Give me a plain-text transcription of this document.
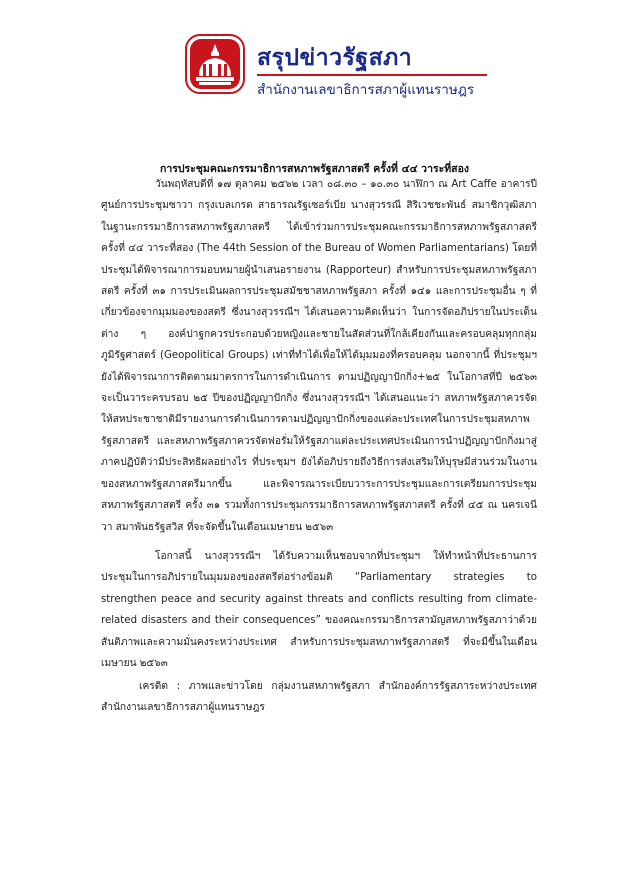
สรุปข่าวรัฐสภา
สำนักงานเลขาธิการสภาผู้แทนราษฎร
การประชุมคณะกรรมาธิการสหภาพรัฐสภาสตรี ครั้งที่ ๔๔ วาระที่สอง

วันพฤหัสบดีที่ ๑๗ ตุลาคม ๒๕๖๒ เวลา ๐๘.๓๐ – ๑๐.๓๐ นาฬิกา ณ Art Caffe อาคารปี ศูนย์การประชุมซาวา กรุงเบลเกรด สาธารณรัฐเซอร์เบีย นางสุวรรณี สิริเวชชะพันธ์ สมาชิกวุฒิสภา ในฐานะกรรมาธิการสหภาพรัฐสภาสตรี ได้เข้าร่วมการประชุมคณะกรรมาธิการสหภาพรัฐสภาสตรี ครั้งที่ ๔๔ วาระที่สอง (The 44th Session of the Bureau of Women Parliamentarians) โดยที่ประชุมได้พิจารณาการมอบหมายผู้นำเสนอรายงาน (Rapporteur) สำหรับการประชุมสหภาพรัฐสภาสตรี ครั้งที่ ๓๑ การประเมินผลการประชุมสมัชชาสหภาพรัฐสภา ครั้งที่ ๑๔๑ และการประชุมอื่น ๆ ที่เกี่ยวข้องจากมุมมองของสตรี ซึ่งนางสุวรรณีฯ ได้เสนอความคิดเห็นว่า ในการจัดอภิปรายในประเด็นต่าง ๆ องค์ปาฐกควรประกอบด้วยหญิงและชายในสัดส่วนที่ใกล้เคียงกันและครอบคลุมทุกกลุ่มภูมิรัฐศาสตร์ (Geopolitical Groups) เท่าที่ทำได้เพื่อให้ได้มุมมองที่ครอบคลุม นอกจากนี้ ที่ประชุมฯ ยังได้พิจารณาการติดตามมาตรการในการดำเนินการ ตามปฏิญญาปักกิ่ง+๒๕ ในโอกาสที่ปี ๒๕๖๓ จะเป็นวาระครบรอบ ๒๕ ปีของปฏิญญาปักกิ่ง ซึ่งนางสุวรรณีฯ ได้เสนอแนะว่า สหภาพรัฐสภาควรจัดให้สหประชาชาติมีรายงานการดำเนินการตามปฏิญญาปักกิ่งของแต่ละประเทศในการประชุมสหภาพรัฐสภาสตรี และสหภาพรัฐสภาควรจัดฟอรั่มให้รัฐสภาแต่ละประเทศประเมินการนำปฏิญญาปักกิ่งมาสู่ภาคปฏิบัติว่ามีประสิทธิผลอย่างไร ที่ประชุมฯ ยังได้อภิปรายถึงวิธีการส่งเสริมให้บุรุษมีส่วนร่วมในงานของสหภาพรัฐสภาสตรีมากขึ้น และพิจารณาระเบียบวาระการประชุมและการเตรียมการประชุมสหภาพรัฐสภาสตรี ครั้ง ๓๑ รวมทั้งการประชุมกรรมาธิการสหภาพรัฐสภาสตรี ครั้งที่ ๔๕ ณ นครเจนีวา สมาพันธรัฐสวิส ที่จะจัดขึ้นในเดือนเมษายน ๒๕๖๓

โอกาสนี้ นางสุวรรณีฯ ได้รับความเห็นชอบจากที่ประชุมฯ ให้ทำหน้าที่ประธานการประชุมในการอภิปรายในมุมมองของสตรีต่อร่างข้อมติ “Parliamentary strategies to strengthen peace and security against threats and conflicts resulting from climate-related disasters and their consequences” ของคณะกรรมาธิการสามัญสหภาพรัฐสภาว่าด้วยสันติภาพและความมั่นคงระหว่างประเทศ สำหรับการประชุมสหภาพรัฐสภาสตรี ที่จะมีขึ้นในเดือนเมษายน ๒๕๖๓

เครดิต : ภาพและข่าวโดย กลุ่มงานสหภาพรัฐสภา สำนักองค์การรัฐสภาระหว่างประเทศ สำนักงานเลขาธิการสภาผู้แทนราษฎร
